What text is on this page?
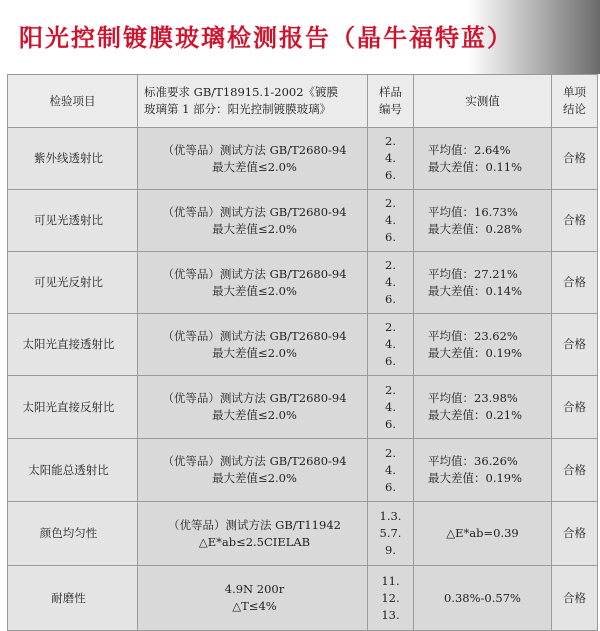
阳光控制镀膜玻璃检测报告（晶牛福特蓝）
检验项目	标准要求 GB/T18915.1-2002《镀膜
玻璃第 1 部分：阳光控制镀膜玻璃》	样品
编号	实测值	单项
结论

紫外线透射比	（优等品）测试方法 GB/T2680-94
最大差值≤2.0%	2.
4.
6.	平均值：2.64%
最大差值：0.11%	合格
可见光透射比	（优等品）测试方法 GB/T2680-94
最大差值≤2.0%	2.
4.
6.	平均值：16.73%
最大差值：0.28%	合格
可见光反射比	（优等品）测试方法 GB/T2680-94
最大差值≤2.0%	2.
4.
6.	平均值：27.21%
最大差值：0.14%	合格
太阳光直接透射比	（优等品）测试方法 GB/T2680-94
最大差值≤2.0%	2.
4.
6.	平均值：23.62%
最大差值：0.19%	合格
太阳光直接反射比	（优等品）测试方法 GB/T2680-94
最大差值≤2.0%	2.
4.
6.	平均值：23.98%
最大差值：0.21%	合格
太阳能总透射比	（优等品）测试方法 GB/T2680-94
最大差值≤2.0%	2.
4.
6.	平均值：36.26%
最大差值：0.19%	合格
颜色均匀性	（优等品）测试方法 GB/T11942
△E*ab≤2.5CIELAB	1.3.
5.7.
9.	△E*ab=0.39	合格
耐磨性	4.9N 200r
△T≤4%	11.
12.
13.	0.38%-0.57%	合格
